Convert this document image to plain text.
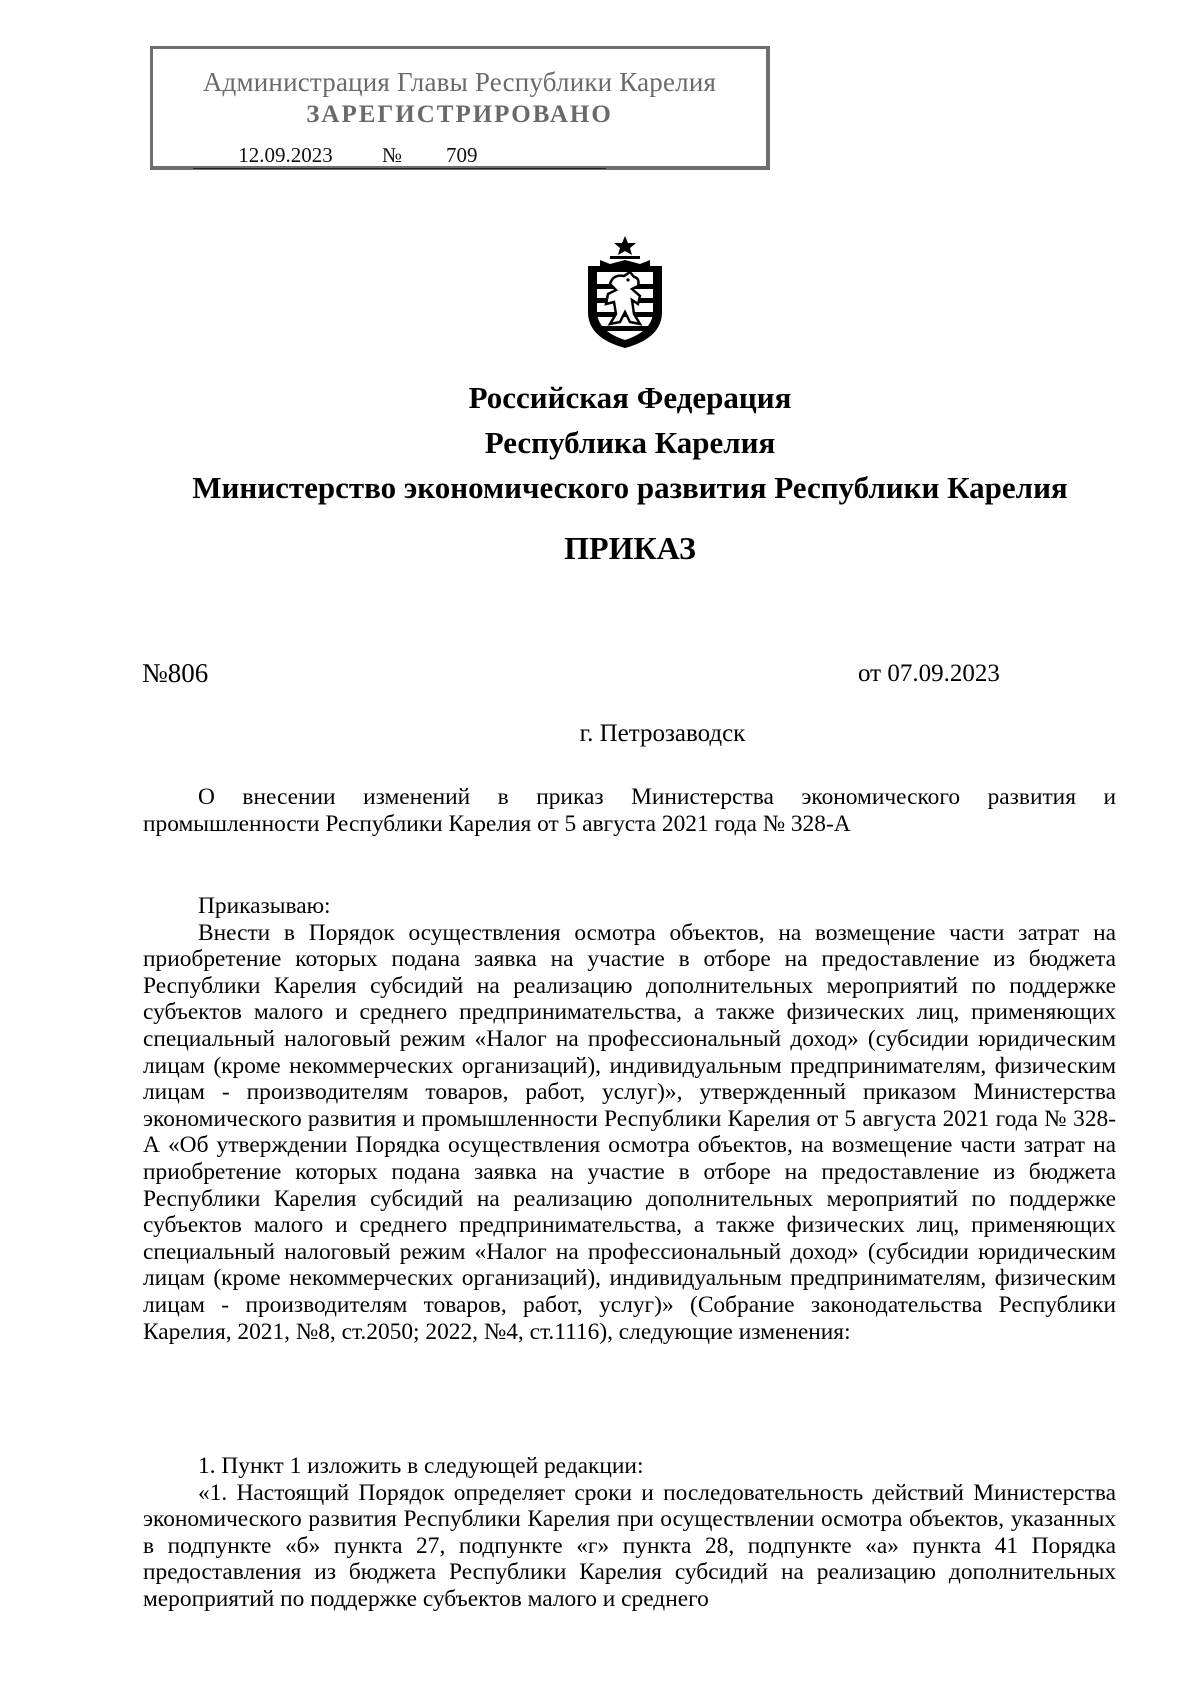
Администрация Главы Республики Карелия
ЗАРЕГИСТРИРОВАНО
12.09.2023 № 709
Российская Федерация
Республика Карелия
Министерство экономического развития Республики Карелия
ПРИКАЗ
№806	от 07.09.2023
г. Петрозаводск

О внесении изменений в приказ Министерства экономического развития и промышленности Республики Карелия от 5 августа 2021 года № 328-А

Приказываю:

Внести в Порядок осуществления осмотра объектов, на возмещение части затрат на приобретение которых подана заявка на участие в отборе на предоставление из бюджета Республики Карелия субсидий на реализацию дополнительных мероприятий по поддержке субъектов малого и среднего предпринимательства, а также физических лиц, применяющих специальный налоговый режим «Налог на профессиональный доход» (субсидии юридическим лицам (кроме некоммерческих организаций), индивидуальным предпринимателям, физическим лицам - производителям товаров, работ, услуг)», утвержденный приказом Министерства экономического развития и промышленности Республики Карелия от 5 августа 2021 года № 328-А «Об утверждении Порядка осуществления осмотра объектов, на возмещение части затрат на приобретение которых подана заявка на участие в отборе на предоставление из бюджета Республики Карелия субсидий на реализацию дополнительных мероприятий по поддержке субъектов малого и среднего предпринимательства, а также физических лиц, применяющих специальный налоговый режим «Налог на профессиональный доход» (субсидии юридическим лицам (кроме некоммерческих организаций), индивидуальным предпринимателям, физическим лицам - производителям товаров, работ, услуг)» (Собрание законодательства Республики Карелия, 2021, №8, ст.2050; 2022, №4, ст.1116), следующие изменения:

1. Пункт 1 изложить в следующей редакции:

«1. Настоящий Порядок определяет сроки и последовательность действий Министерства экономического развития Республики Карелия при осуществлении осмотра объектов, указанных в подпункте «б» пункта 27, подпункте «г» пункта 28, подпункте «а» пункта 41 Порядка предоставления из бюджета Республики Карелия субсидий на реализацию дополнительных мероприятий по поддержке субъектов малого и среднего
